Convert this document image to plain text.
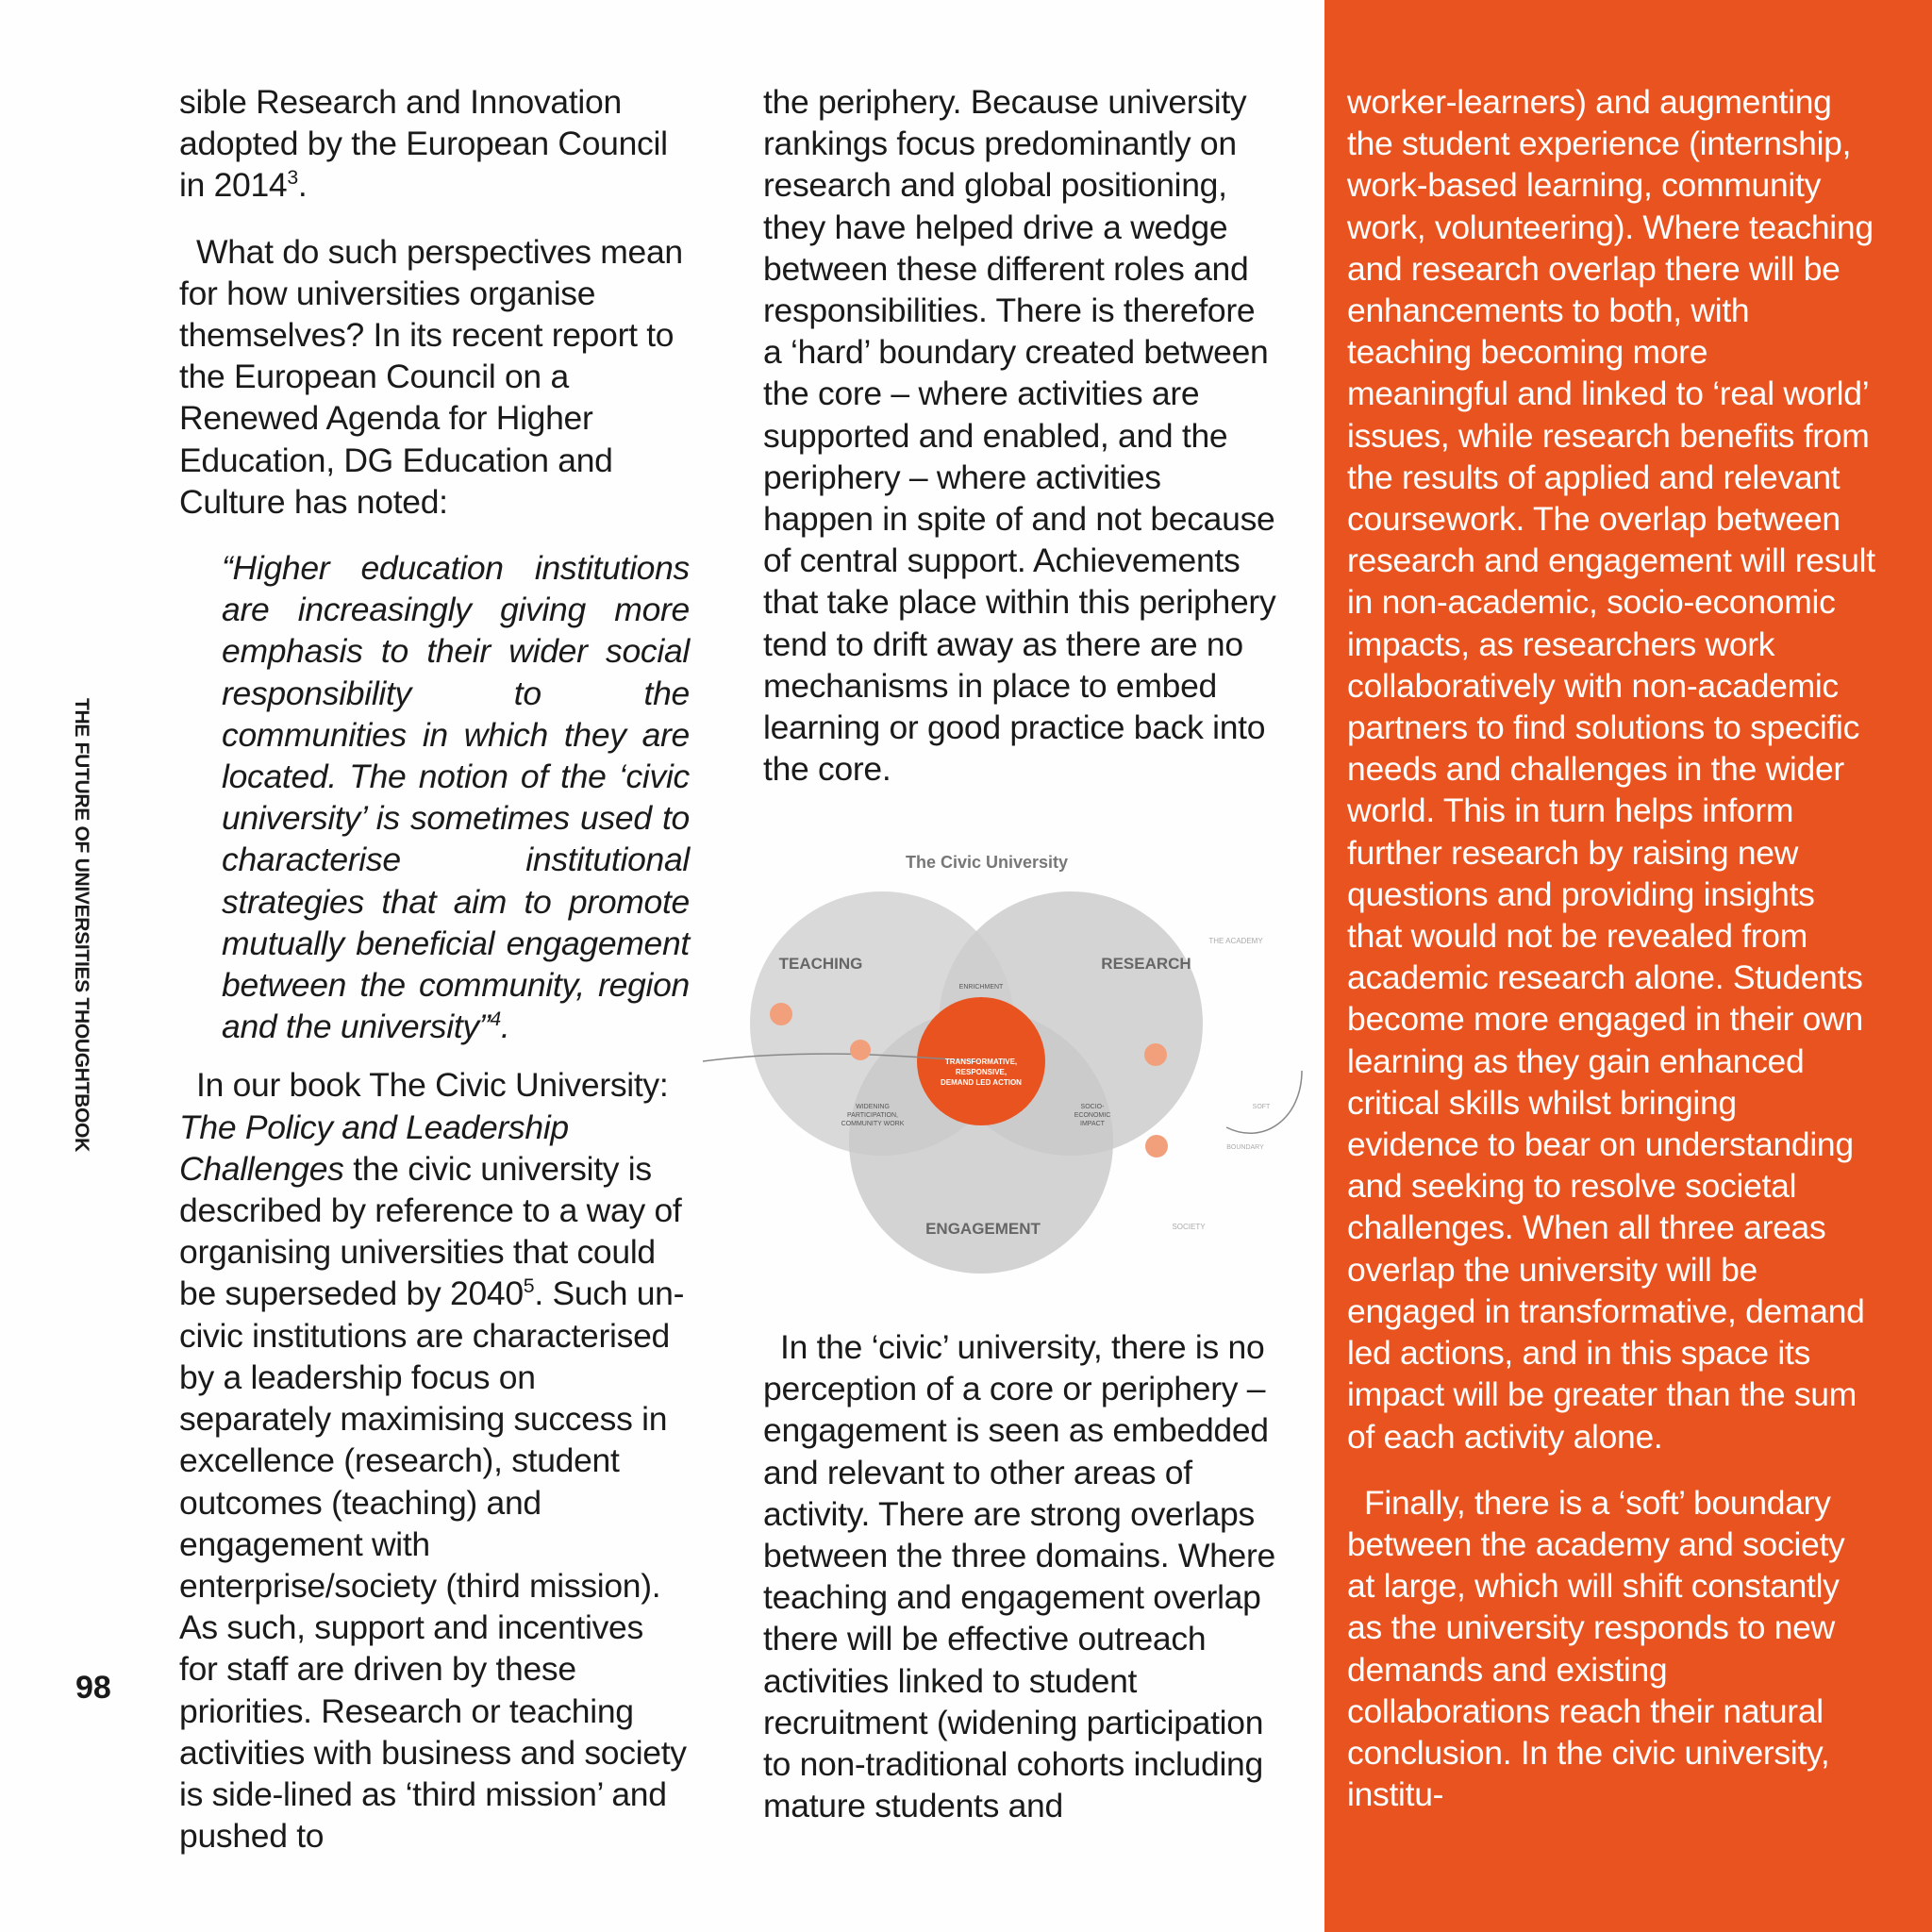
THE FUTURE OF UNIVERSITIES THOUGHTBOOK
98

sible Research and Innovation adopted by the European Council in 2014$^3$.

What do such perspectives mean for how universities organise themselves? In its recent report to the European Council on a Renewed Agenda for Higher Education, DG Education and Culture has noted:

“Higher education institutions are increasingly giving more emphasis to their wider social responsibility to the communities in which they are located. The notion of the ‘civic university’ is sometimes used to characterise institutional strategies that aim to promote mutually beneficial engagement between the community, region and the university”$^4$.

In our book The Civic University: The Policy and Leadership Challenges the civic university is described by reference to a way of organising universities that could be superseded by 2040$^5$. Such un-civic institutions are characterised by a leadership focus on separately maximising success in excellence (research), student outcomes (teaching) and engagement with enterprise/society (third mission). As such, support and incentives for staff are driven by these priorities. Research or teaching activities with business and society is side-lined as ‘third mission’ and pushed to

the periphery. Because university rankings focus predominantly on research and global positioning, they have helped drive a wedge between these different roles and responsibilities. There is therefore a ‘hard’ boundary created between the core – where activities are supported and enabled, and the periphery – where activities happen in spite of and not because of central support. Achievements that take place within this periphery tend to drift away as there are no mechanisms in place to embed learning or good practice back into the core.

The Civic University
TEACHING	RESEARCH
ENGAGEMENT
ENRICHMENT
TRANSFORMATIVE,
RESPONSIVE,
DEMAND LED ACTION
WIDENING
PARTICIPATION,
COMMUNITY WORK
SOCIO-
ECONOMIC
IMPACT
THE ACADEMY
SOFT
BOUNDARY
SOCIETY

In the ‘civic’ university, there is no perception of a core or periphery – engagement is seen as embedded and relevant to other areas of activity. There are strong overlaps between the three domains. Where teaching and engagement overlap there will be effective outreach activities linked to student recruitment (widening participation to non-traditional cohorts including mature students and

worker-learners) and augmenting the student experience (internship, work-based learning, community work, volunteering). Where teaching and research overlap there will be enhancements to both, with teaching becoming more meaningful and linked to ‘real world’ issues, while research benefits from the results of applied and relevant coursework. The overlap between research and engagement will result in non-academic, socio-economic impacts, as researchers work collaboratively with non-academic partners to find solutions to specific needs and challenges in the wider world. This in turn helps inform further research by raising new questions and providing insights that would not be revealed from academic research alone. Students become more engaged in their own learning as they gain enhanced critical skills whilst bringing evidence to bear on understanding and seeking to resolve societal challenges. When all three areas overlap the university will be engaged in transformative, demand led actions, and in this space its impact will be greater than the sum of each activity alone.

Finally, there is a ‘soft’ boundary between the academy and society at large, which will shift constantly as the university responds to new demands and existing collaborations reach their natural conclusion. In the civic university, institu-
